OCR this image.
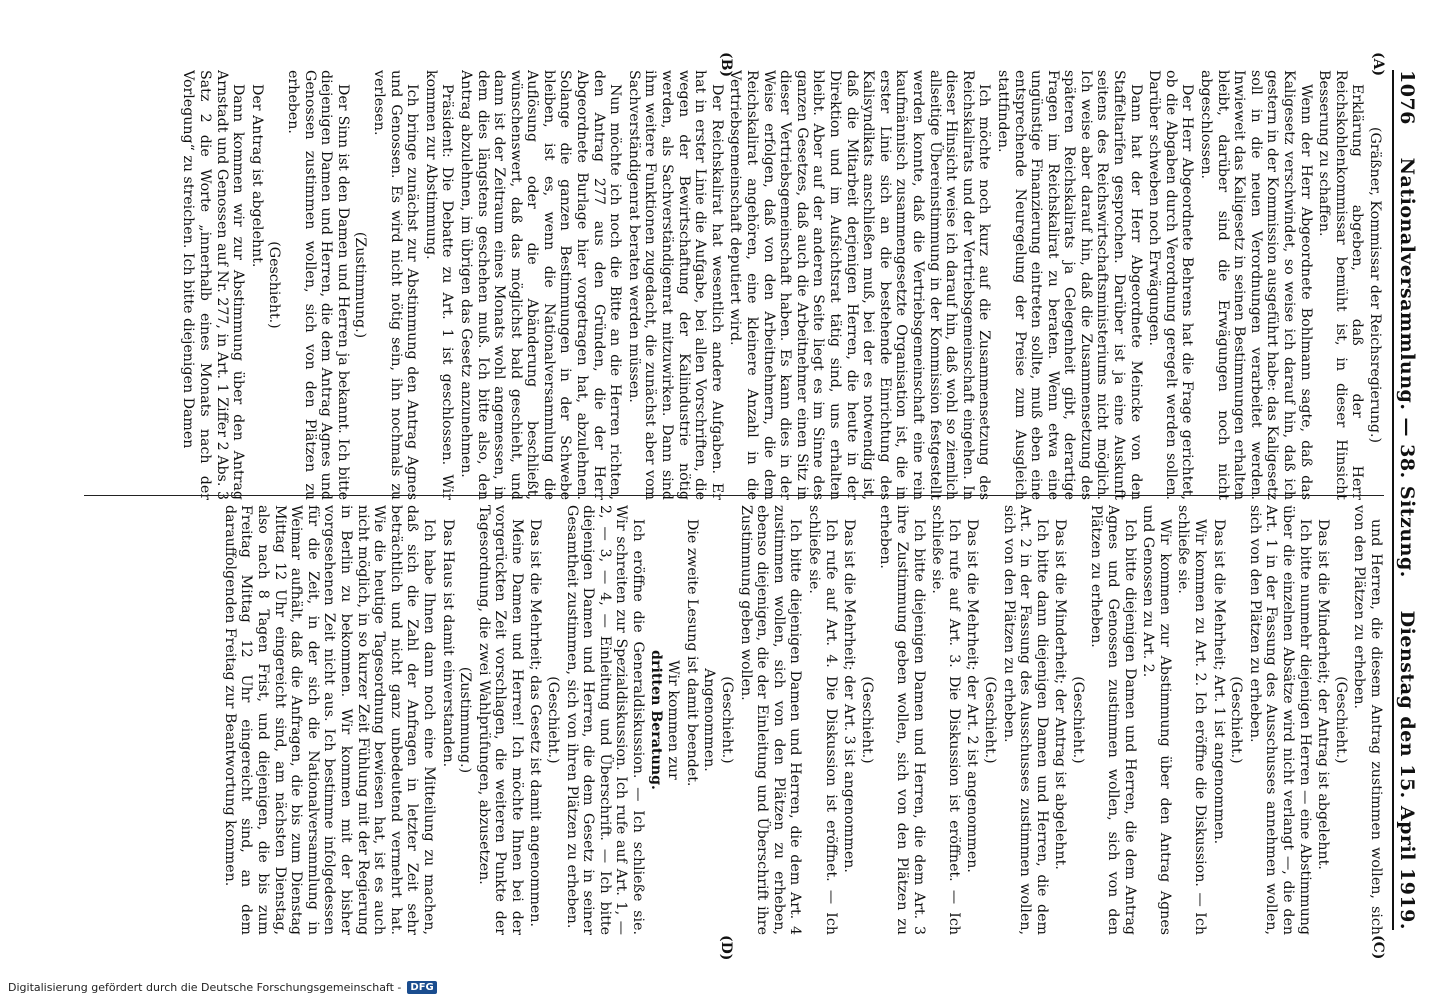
1076
Nationalversammlung. — 38. Sitzung.
Dienstag den 15. April 1919.
(A)
(B)
(C)
(D)

(Gräßner, Kommissar der Reichsregierung.)

Erklärung abgeben, daß der Herr Reichskohlenkommissar bemüht ist, in dieser Hinsicht Besserung zu schaffen.

Wenn der Herr Abgeordnete Bohlmann sagte, daß das Kaligesetz verschwindet, so weise ich darauf hin, daß ich gestern in der Kommission ausgeführt habe: das Kaligesetz soll in die neuen Verordnungen verarbeitet werden. Inwieweit das Kaligesetz in seinen Bestimmungen erhalten bleibt, darüber sind die Erwägungen noch nicht abgeschlossen.

Der Herr Abgeordnete Behrens hat die Frage gerichtet, ob die Abgaben durch Verordnung geregelt werden sollen. Darüber schweben noch Erwägungen.

Dann hat der Herr Abgeordnete Meincke von den Staffeltarifen gesprochen. Darüber ist ja eine Auskunft seitens des Reichswirtschaftsministeriums nicht möglich. Ich weise aber darauf hin, daß die Zusammensetzung des späteren Reichskalirats ja Gelegenheit gibt, derartige Fragen im Reichskalirat zu beraten. Wenn etwa eine ungünstige Finanzierung eintreten sollte, muß eben eine entsprechende Neuregelung der Preise zum Ausgleich stattfinden.

Ich möchte noch kurz auf die Zusammensetzung des Reichskalirats und der Vertriebsgemeinschaft eingehen. In dieser Hinsicht weise ich darauf hin, daß wohl so ziemlich allseitige Übereinstimmung in der Kommission festgestellt werden konnte, daß die Vertriebsgemeinschaft eine rein kaufmännisch zusammengesetzte Organisation ist, die in erster Linie sich an die bestehende Einrichtung des Kalisyndikats anschließen muß, bei der es notwendig ist, daß die Mitarbeit derjenigen Herren, die heute in der Direktion und im Aufsichtsrat tätig sind, uns erhalten bleibt. Aber auf der anderen Seite liegt es im Sinne des ganzen Gesetzes, daß auch die Arbeitnehmer einen Sitz in dieser Vertriebsgemeinschaft haben. Es kann dies in der Weise erfolgen, daß von den Arbeitnehmern, die dem Reichskalirat angehören, eine kleinere Anzahl in die Vertriebsgemeinschaft deputiert wird.

Der Reichskalirat hat wesentlich andere Aufgaben. Er hat in erster Linie die Aufgabe, bei allen Vorschriften, die wegen der Bewirtschaftung der Kaliindustrie nötig werden, als Sachverständigenrat mitzuwirken. Dann sind ihm weitere Funktionen zugedacht, die zunächst aber vom Sachverständigenrat beraten werden müssen.

Nun möchte ich noch die Bitte an die Herren richten, den Antrag 277 aus den Gründen, die der Herr Abgeordnete Burlage hier vorgetragen hat, abzulehnen. Solange die ganzen Bestimmungen in der Schwebe bleiben, ist es, wenn die Nationalversammlung die Auflösung oder die Abänderung beschließt, wünschenswert, daß das möglichst bald geschieht, und dann ist der Zeitraum eines Monats wohl angemessen, in dem dies längstens geschehen muß. Ich bitte also, den Antrag abzulehnen, im übrigen das Gesetz anzunehmen.

Präsident: Die Debatte zu Art. 1 ist geschlossen. Wir kommen zur Abstimmung.

Ich bringe zunächst zur Abstimmung den Antrag Agnes und Genossen. Es wird nicht nötig sein, ihn nochmals zu verlesen.

(Zustimmung.)

Der Sinn ist den Damen und Herren ja bekannt. Ich bitte diejenigen Damen und Herren, die dem Antrag Agnes und Genossen zustimmen wollen, sich von den Plätzen zu erheben.

(Geschieht.)

Der Antrag ist abgelehnt.

Dann kommen wir zur Abstimmung über den Antrag Arnstadt und Genossen auf Nr. 277, in Art. 1 Ziffer 2 Abs. 3 Satz 2 die Worte „innerhalb eines Monats nach der Vorlegung“ zu streichen. Ich bitte diejenigen Damen

und Herren, die diesem Antrag zustimmen wollen, sich von den Plätzen zu erheben.

(Geschieht.)

Das ist die Minderheit; der Antrag ist abgelehnt.

Ich bitte nunmehr diejenigen Herren — eine Abstimmung über die einzelnen Absätze wird nicht verlangt —, die den Art. 1 in der Fassung des Ausschusses annehmen wollen, sich von den Plätzen zu erheben.

(Geschieht.)

Das ist die Mehrheit; Art. 1 ist angenommen.

Wir kommen zu Art. 2. Ich eröffne die Diskussion. — Ich schließe sie.

Wir kommen zur Abstimmung über den Antrag Agnes und Genossen zu Art. 2.

Ich bitte diejenigen Damen und Herren, die dem Antrag Agnes und Genossen zustimmen wollen, sich von den Plätzen zu erheben.

(Geschieht.)

Das ist die Minderheit; der Antrag ist abgelehnt.

Ich bitte dann diejenigen Damen und Herren, die dem Art. 2 in der Fassung des Ausschusses zustimmen wollen, sich von den Plätzen zu erheben.

(Geschieht.)

Das ist die Mehrheit; der Art. 2 ist angenommen.

Ich rufe auf Art. 3. Die Diskussion ist eröffnet. — Ich schließe sie.

Ich bitte diejenigen Damen und Herren, die dem Art. 3 ihre Zustimmung geben wollen, sich von den Plätzen zu erheben.

(Geschieht.)

Das ist die Mehrheit; der Art. 3 ist angenommen.

Ich rufe auf Art. 4. Die Diskussion ist eröffnet. — Ich schließe sie.

Ich bitte diejenigen Damen und Herren, die dem Art. 4 zustimmen wollen, sich von den Plätzen zu erheben, ebenso diejenigen, die der Einleitung und Überschrift ihre Zustimmung geben wollen.

(Geschieht.)

Angenommen.

Die zweite Lesung ist damit beendet.

Wir kommen zur

dritten Beratung.

Ich eröffne die Generaldiskussion. — Ich schließe sie. Wir schreiten zur Spezialdiskussion. Ich rufe auf Art. 1, — 2, — 3, — 4, — Einleitung und Überschrift. — Ich bitte diejenigen Damen und Herren, die dem Gesetz in seiner Gesamtheit zustimmen, sich von ihren Plätzen zu erheben.

(Geschieht.)

Das ist die Mehrheit; das Gesetz ist damit angenommen.

Meine Damen und Herren! Ich möchte Ihnen bei der vorgerückten Zeit vorschlagen, die weiteren Punkte der Tagesordnung, die zwei Wahlprüfungen, abzusetzen.

(Zustimmung.)

Das Haus ist damit einverstanden.

Ich habe Ihnen dann noch eine Mitteilung zu machen, daß sich die Zahl der Anfragen in letzter Zeit sehr beträchtlich und nicht ganz unbedeutend vermehrt hat. Wie die heutige Tagesordnung bewiesen hat, ist es auch nicht möglich, in so kurzer Zeit Fühlung mit der Regierung in Berlin zu bekommen. Wir kommen mit der bisher vorgesehenen Zeit nicht aus. Ich bestimme infolgedessen für die Zeit, in der sich die Nationalversammlung in Weimar aufhält, daß die Anfragen, die bis zum Dienstag Mittag 12 Uhr eingereicht sind, am nächsten Dienstag, also nach 8 Tagen Frist, und diejenigen, die bis zum Freitag Mittag 12 Uhr eingereicht sind, an dem darauffolgenden Freitag zur Beantwortung kommen.

Digitalisierung gefördert durch die Deutsche Forschungsgemeinschaft - DFG
